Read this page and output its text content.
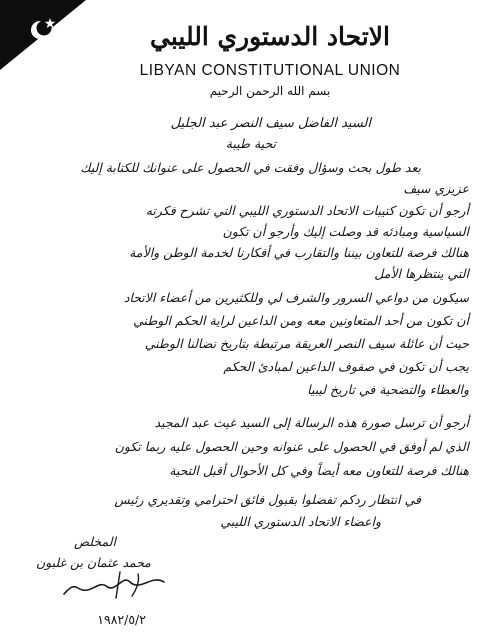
الاتحاد الدستوري الليبي
LIBYAN CONSTITUTIONAL UNION
بسم الله الرحمن الرحيم
السيد الفاضل سيف النصر عبد الجليل
تحية طيبة
بعد طول بحث وسؤال وفقت في الحصول على عنوانك للكتابة إليك
عزيزي سيف
أرجو أن تكون كتيبات الاتحاد الدستوري الليبي التي تشرح فكرته
السياسية ومبادئه قد وصلت إليك وأرجو أن تكون
هنالك فرصة للتعاون بيننا والتقارب في أفكارنا لخدمة الوطن والأمة
التي ينتظرها الأمل
سيكون من دواعي السرور والشرف لي وللكثيرين من أعضاء الاتحاد
أن تكون من أحد المتعاونين معه ومن الداعين لراية الحكم الوطني
حيث أن عائلة سيف النصر العريقة مرتبطة بتاريخ نضالنا الوطني
يجب أن تكون في صفوف الداعين لمبادئ الحكم
والعطاء والتضحية في تاريخ ليبيا
أرجو أن ترسل صورة هذه الرسالة إلى السيد غيث عبد المجيد
الذي لم أوفق في الحصول على عنوانه وحين الحصول عليه ربما تكون
هنالك فرصة للتعاون معه أيضاً وفي كل الأحوال أقبل التحية
في انتظار ردكم تفضلوا بقبول فائق احترامي وتقديري رئيس
واعضاء الاتحاد الدستوري الليبي
المخلص
محمد عثمان بن غلبون
١٩٨٢/٥/٢
